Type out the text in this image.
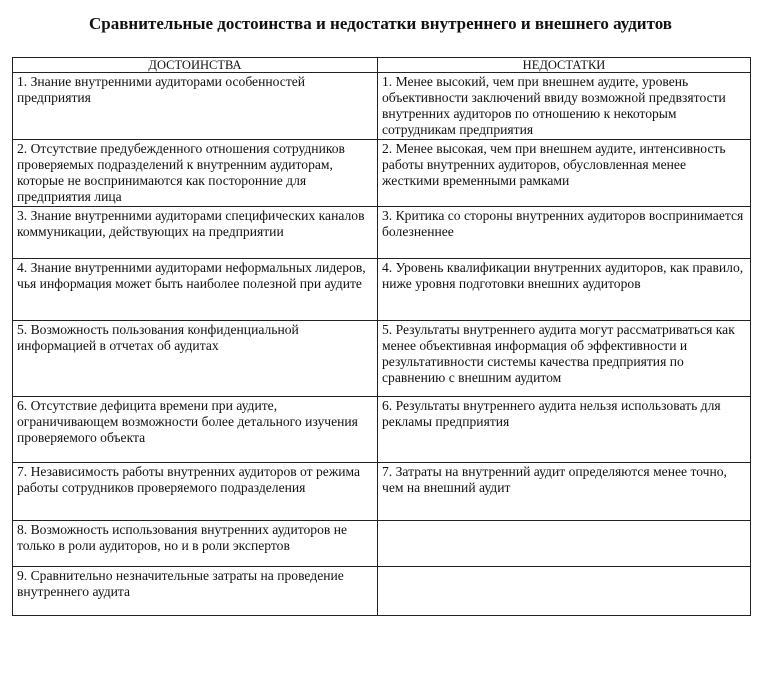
Сравнительные достоинства и недостатки внутреннего и внешнего аудитов
ДОСТОИНСТВА	НЕДОСТАТКИ
1. Знание внутренними аудиторами особенностей предприятия	1. Менее высокий, чем при внешнем аудите, уровень объективности заключений ввиду возможной предвзятости внутренних аудиторов по отношению к некоторым сотрудникам предприятия
2. Отсутствие предубежденного отношения сотрудников проверяемых подразделений к внутренним аудиторам, которые не воспринимаются как посторонние для предприятия лица	2. Менее высокая, чем при внешнем аудите, интенсивность работы внутренних аудиторов, обусловленная менее жесткими временными рамками
3. Знание внутренними аудиторами специфических каналов коммуникации, действующих на предприятии	3. Критика со стороны внутренних аудиторов воспринимается болезненнее
4. Знание внутренними аудиторами неформальных лидеров, чья информация может быть наиболее полезной при аудите	4. Уровень квалификации внутренних аудиторов, как правило, ниже уровня подготовки внешних аудиторов
5. Возможность пользования конфиденциальной информацией в отчетах об аудитах	5. Результаты внутреннего аудита могут рассматриваться как менее объективная информация об эффективности и результативности системы качества предприятия по сравнению с внешним аудитом
6. Отсутствие дефицита времени при аудите, ограничивающем возможности более детального изучения проверяемого объекта	6. Результаты внутреннего аудита нельзя использовать для рекламы предприятия
7. Независимость работы внутренних аудиторов от режима работы сотрудников проверяемого подразделения	7. Затраты на внутренний аудит определяются менее точно, чем на внешний аудит
8. Возможность использования внутренних аудиторов не только в роли аудиторов, но и в роли экспертов	
9. Сравнительно незначительные затраты на проведение внутреннего аудита	
